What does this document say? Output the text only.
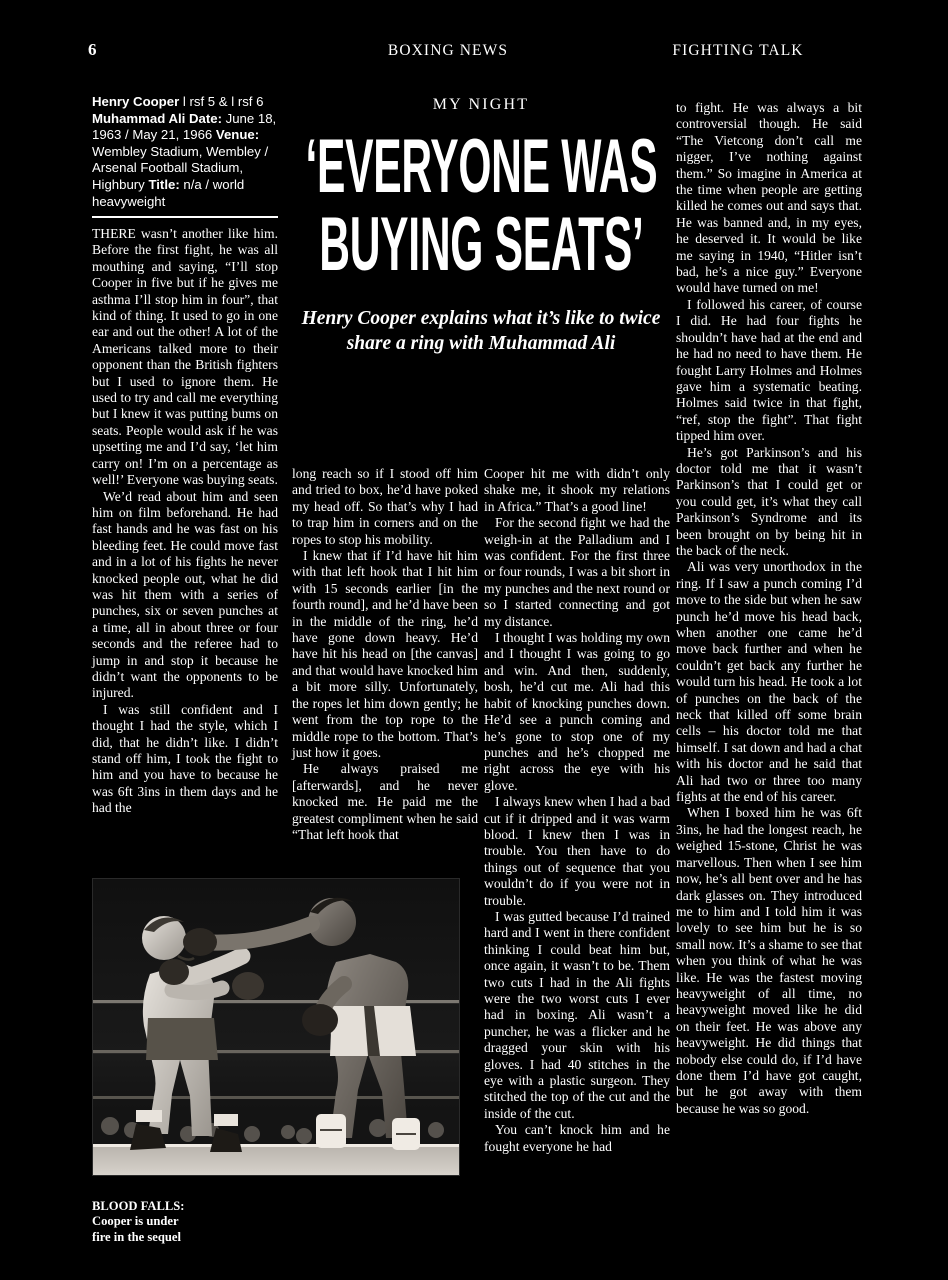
6	BOXING NEWS	FIGHTING TALK
Henry Cooper l rsf 5 & l rsf 6 Muhammad Ali Date: June 18, 1963 / May 21, 1966 Venue: Wembley Stadium, Wembley / Arsenal Football Stadium, Highbury Title: n/a / world heavyweight
MY NIGHT
‘EVERYONE WAS
BUYING SEATS’
Henry Cooper explains what it’s like to twice share a ring with Muhammad Ali

THERE wasn’t another like him. Before the first fight, he was all mouthing and saying, “I’ll stop Cooper in five but if he gives me asthma I’ll stop him in four”, that kind of thing. It used to go in one ear and out the other! A lot of the Americans talked more to their opponent than the British fighters but I used to ignore them. He used to try and call me everything but I knew it was putting bums on seats. People would ask if he was upsetting me and I’d say, ‘let him carry on! I’m on a percentage as well!’ Everyone was buying seats.

We’d read about him and seen him on film beforehand. He had fast hands and he was fast on his bleeding feet. He could move fast and in a lot of his fights he never knocked people out, what he did was hit them with a series of punches, six or seven punches at a time, all in about three or four seconds and the referee had to jump in and stop it because he didn’t want the opponents to be injured.

I was still confident and I thought I had the style, which I did, that he didn’t like. I didn’t stand off him, I took the fight to him and you have to because he was 6ft 3ins in them days and he had the

long reach so if I stood off him and tried to box, he’d have poked my head off. So that’s why I had to trap him in corners and on the ropes to stop his mobility.

I knew that if I’d have hit him with that left hook that I hit him with 15 seconds earlier [in the fourth round], and he’d have been in the middle of the ring, he’d have gone down heavy. He’d have hit his head on [the canvas] and that would have knocked him a bit more silly. Unfortunately, the ropes let him down gently; he went from the top rope to the middle rope to the bottom. That’s just how it goes.

He always praised me [afterwards], and he never knocked me. He paid me the greatest compliment when he said “That left hook that

Cooper hit me with didn’t only shake me, it shook my relations in Africa.” That’s a good line!

For the second fight we had the weigh-in at the Palladium and I was confident. For the first three or four rounds, I was a bit short in my punches and the next round or so I started connecting and got my distance.

I thought I was holding my own and I thought I was going to go and win. And then, suddenly, bosh, he’d cut me. Ali had this habit of knocking punches down. He’d see a punch coming and he’s gone to stop one of my punches and he’s chopped me right across the eye with his glove.

I always knew when I had a bad cut if it dripped and it was warm blood. I knew then I was in trouble. You then have to do things out of sequence that you wouldn’t do if you were not in trouble.

I was gutted because I’d trained hard and I went in there confident thinking I could beat him but, once again, it wasn’t to be. Them two cuts I had in the Ali fights were the two worst cuts I ever had in boxing. Ali wasn’t a puncher, he was a flicker and he dragged your skin with his gloves. I had 40 stitches in the eye with a plastic surgeon. They stitched the top of the cut and the inside of the cut.

You can’t knock him and he fought everyone he had

to fight. He was always a bit controversial though. He said “The Vietcong don’t call me nigger, I’ve nothing against them.” So imagine in America at the time when people are getting killed he comes out and says that. He was banned and, in my eyes, he deserved it. It would be like me saying in 1940, “Hitler isn’t bad, he’s a nice guy.” Everyone would have turned on me!

I followed his career, of course I did. He had four fights he shouldn’t have had at the end and he had no need to have them. He fought Larry Holmes and Holmes gave him a systematic beating. Holmes said twice in that fight, “ref, stop the fight”. That fight tipped him over.

He’s got Parkinson’s and his doctor told me that it wasn’t Parkinson’s that I could get or you could get, it’s what they call Parkinson’s Syndrome and its been brought on by being hit in the back of the neck.

Ali was very unorthodox in the ring. If I saw a punch coming I’d move to the side but when he saw punch he’d move his head back, when another one came he’d move back further and when he couldn’t get back any further he would turn his head. He took a lot of punches on the back of the neck that killed off some brain cells – his doctor told me that himself. I sat down and had a chat with his doctor and he said that Ali had two or three too many fights at the end of his career.

When I boxed him he was 6ft 3ins, he had the longest reach, he weighed 15-stone, Christ he was marvellous. Then when I see him now, he’s all bent over and he has dark glasses on. They introduced me to him and I told him it was lovely to see him but he is so small now. It’s a shame to see that when you think of what he was like. He was the fastest moving heavyweight of all time, no heavyweight moved like he did on their feet. He was above any heavyweight. He did things that nobody else could do, if I’d have done them I’d have got caught, but he got away with them because he was so good.

BLOOD FALLS:
Cooper is under
fire in the sequel
